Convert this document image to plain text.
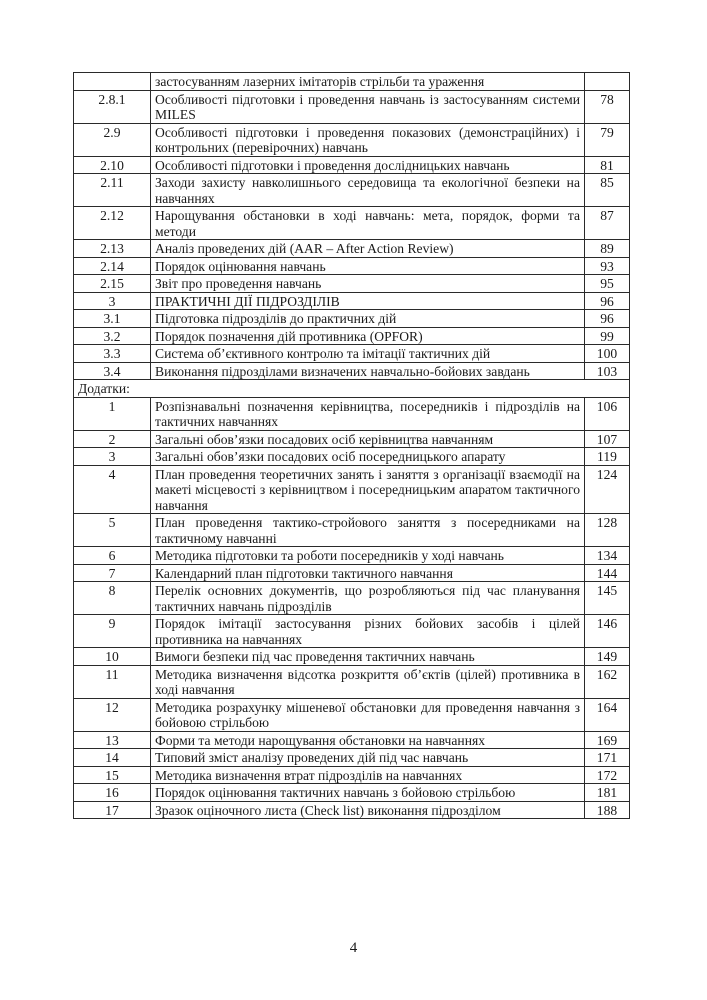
	застосуванням лазерних імітаторів стрільби та ураження	
2.8.1	Особливості підготовки і проведення навчань із застосуванням системи MILES	78
2.9	Особливості підготовки і проведення показових (демонстраційних) і контрольних (перевірочних) навчань	79
2.10	Особливості підготовки і проведення дослідницьких навчань	81
2.11	Заходи захисту навколишнього середовища та екологічної безпеки на навчаннях	85
2.12	Нарощування обстановки в ході навчань: мета, порядок, форми та методи	87
2.13	Аналіз проведених дій (AAR – After Action Review)	89
2.14	Порядок оцінювання навчань	93
2.15	Звіт про проведення навчань	95
3	ПРАКТИЧНІ ДІЇ ПІДРОЗДІЛІВ	96
3.1	Підготовка підрозділів до практичних дій	96
3.2	Порядок позначення дій противника (OPFOR)	99
3.3	Система об’єктивного контролю та імітації тактичних дій	100
3.4	Виконання підрозділами визначених навчально-бойових завдань	103
Додатки:		
1	Розпізнавальні позначення керівництва, посередників і підрозділів на тактичних навчаннях	106
2	Загальні обов’язки посадових осіб керівництва навчанням	107
3	Загальні обов’язки посадових осіб посередницького апарату	119
4	План проведення теоретичних занять і заняття з організації взаємодії на макеті місцевості з керівництвом і посередницьким апаратом тактичного навчання	124
5	План проведення тактико-стройового заняття з посередниками на тактичному навчанні	128
6	Методика підготовки та роботи посередників у ході навчань	134
7	Календарний план підготовки тактичного навчання	144
8	Перелік основних документів, що розробляються під час планування тактичних навчань підрозділів	145
9	Порядок імітації застосування різних бойових засобів і цілей противника на навчаннях	146
10	Вимоги безпеки під час проведення тактичних навчань	149
11	Методика визначення відсотка розкриття об’єктів (цілей) противника в ході навчання	162
12	Методика розрахунку мішеневої обстановки для проведення навчання з бойовою стрільбою	164
13	Форми та методи нарощування обстановки на навчаннях	169
14	Типовий зміст аналізу проведених дій під час навчань	171
15	Методика визначення втрат підрозділів на навчаннях	172
16	Порядок оцінювання тактичних навчань з бойовою стрільбою	181
17	Зразок оціночного листа (Check list) виконання підрозділом	188
4
